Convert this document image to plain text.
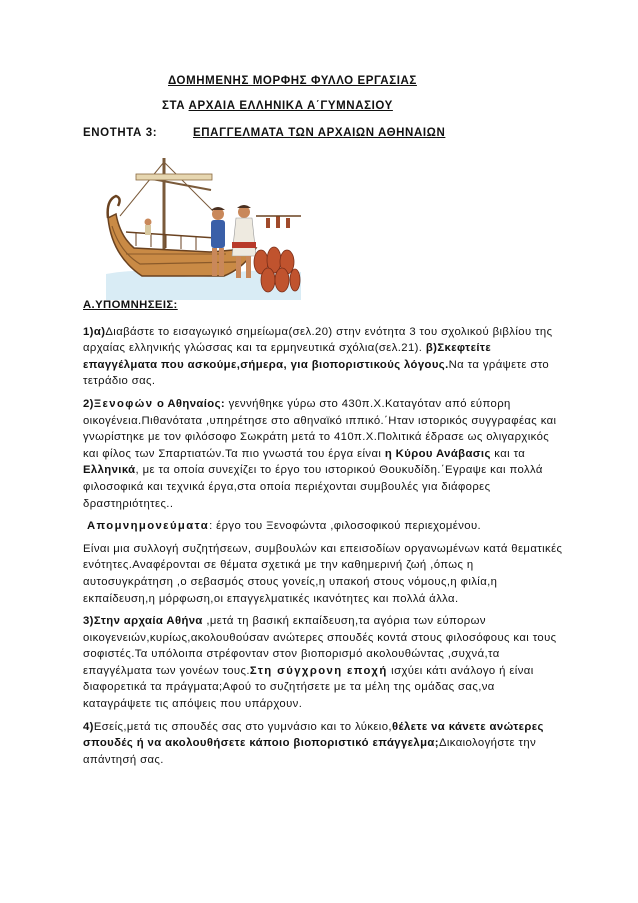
ΔΟΜΗΜΕΝΗΣ ΜΟΡΦΗΣ ΦΥΛΛΟ ΕΡΓΑΣΙΑΣ
ΣΤΑ ΑΡΧΑΙΑ ΕΛΛΗΝΙΚΑ Α΄ΓΥΜΝΑΣΙΟΥ
ΕΝΟΤΗΤΑ 3:	ΕΠΑΓΓΕΛΜΑΤΑ ΤΩΝ ΑΡΧΑΙΩΝ ΑΘΗΝΑΙΩΝ

Α.ΥΠΟΜΝΗΣΕΙΣ:

1)α)Διαβάστε το εισαγωγικό σημείωμα(σελ.20) στην ενότητα 3 του σχολικού βιβλίου της αρχαίας ελληνικής γλώσσας και τα ερμηνευτικά σχόλια(σελ.21). β)Σκεφτείτε επαγγέλματα που ασκούμε,σήμερα, για βιοποριστικούς λόγους.Να τα γράψετε στο τετράδιο σας.

2)Ξενοφών ο Αθηναίος: γεννήθηκε γύρω στο 430π.Χ.Καταγόταν από εύπορη οικογένεια.Πιθανότατα ,υπηρέτησε στο αθηναϊκό ιππικό.΄Ηταν ιστορικός συγγραφέας και γνωρίστηκε με τον φιλόσοφο Σωκράτη μετά το 410π.Χ.Πολιτικά έδρασε ως ολιγαρχικός και φίλος των Σπαρτιατών.Τα πιο γνωστά του έργα είναι η Κύρου Ανάβασις και τα Ελληνικά, με τα οποία συνεχίζει το έργο του ιστορικού Θουκυδίδη.΄Εγραψε και πολλά φιλοσοφικά και τεχνικά έργα,στα οποία περιέχονται συμβουλές για διάφορες δραστηριότητες..

Απομνημονεύματα: έργο του Ξενοφώντα ,φιλοσοφικού περιεχομένου.

Είναι μια συλλογή συζητήσεων, συμβουλών και επεισοδίων οργανωμένων κατά θεματικές ενότητες.Αναφέρονται σε θέματα σχετικά με την καθημερινή ζωή ,όπως η αυτοσυγκράτηση ,ο σεβασμός στους γονείς,η υπακοή στους νόμους,η φιλία,η εκπαίδευση,η μόρφωση,οι επαγγελματικές ικανότητες και πολλά άλλα.

3)Στην αρχαία Αθήνα ,μετά τη βασική εκπαίδευση,τα αγόρια των εύπορων οικογενειών,κυρίως,ακολουθούσαν ανώτερες σπουδές κοντά στους φιλοσόφους και τους σοφιστές.Τα υπόλοιπα στρέφονταν στον βιοπορισμό ακολουθώντας ,συχνά,τα επαγγέλματα των γονέων τους.Στη σύγχρονη εποχή ισχύει κάτι ανάλογο ή είναι διαφορετικά τα πράγματα;Αφού το συζητήσετε με τα μέλη της ομάδας σας,να καταγράψετε τις απόψεις που υπάρχουν.

4)Εσείς,μετά τις σπουδές σας στο γυμνάσιο και το λύκειο,θέλετε να κάνετε ανώτερες σπουδές ή να ακολουθήσετε κάποιο βιοποριστικό επάγγελμα;Δικαιολογήστε την απάντησή σας.
